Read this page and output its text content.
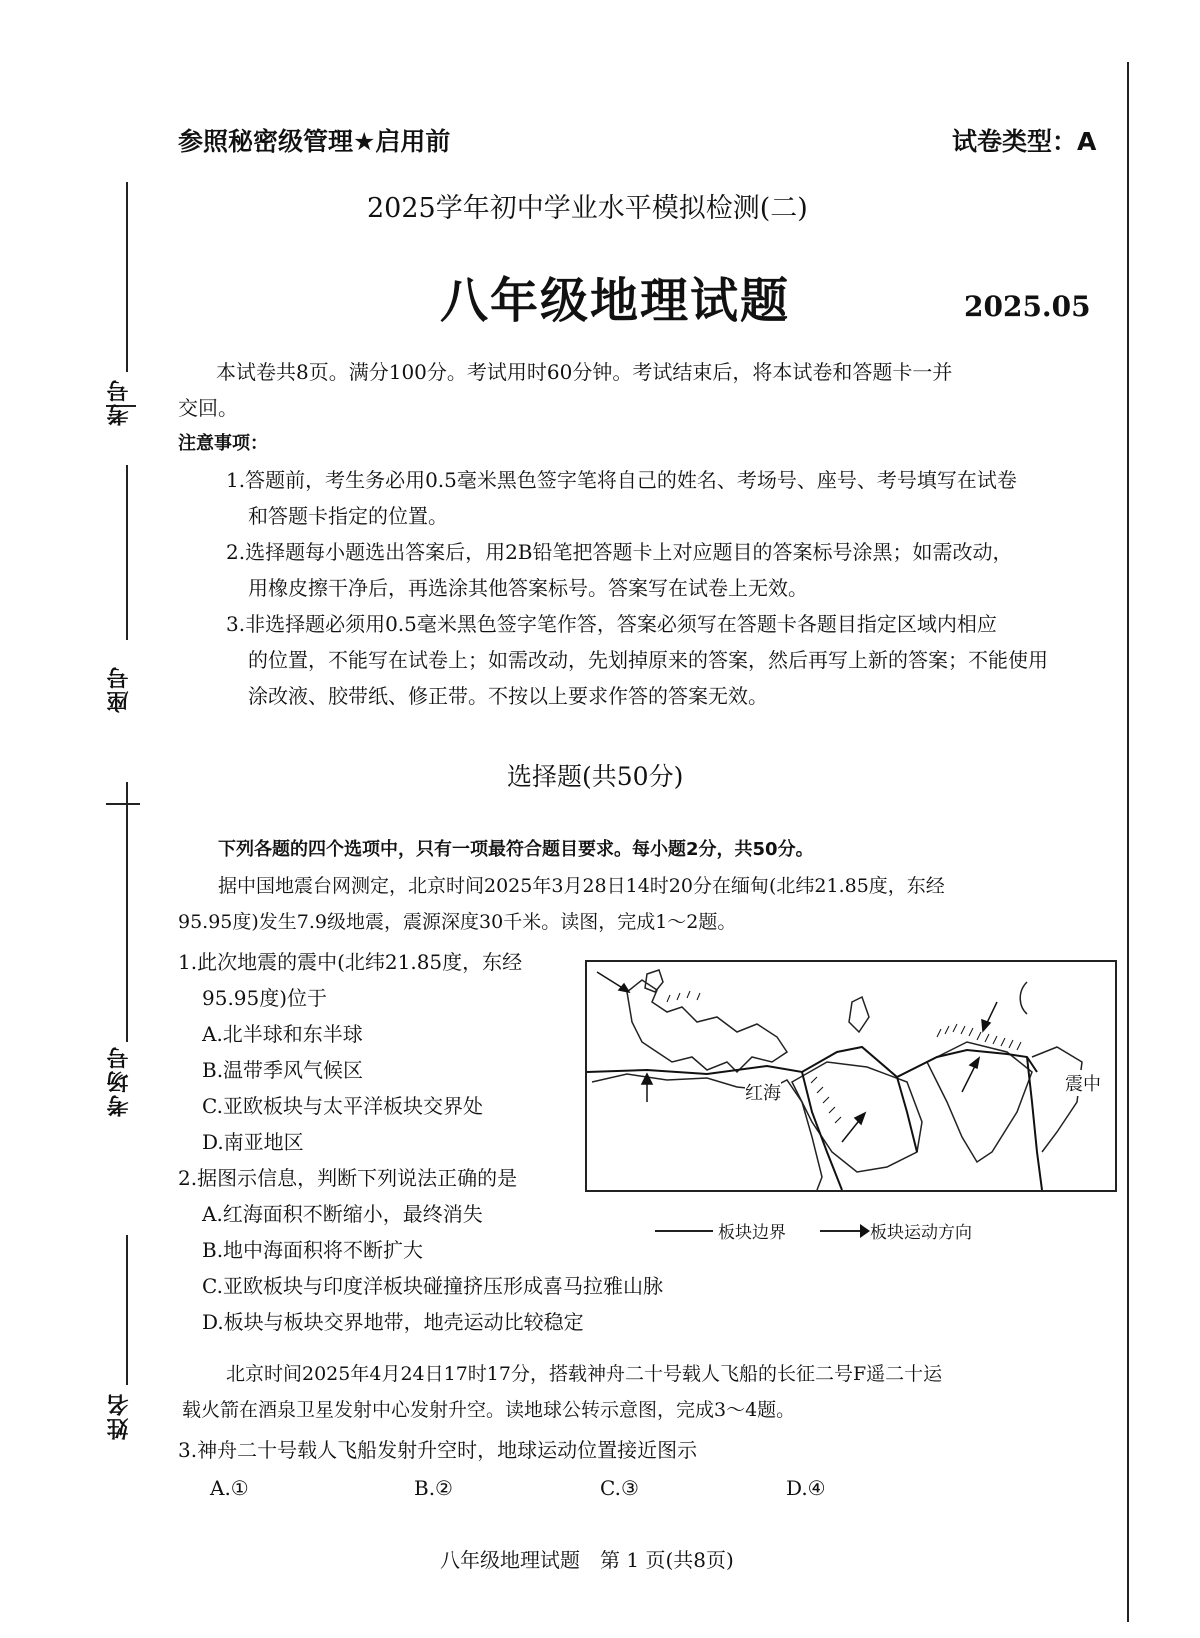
考号
座号
考场号
姓名
参照秘密级管理★启用前	试卷类型：A
2025学年初中学业水平模拟检测(二)
八年级地理试题	2025.05
本试卷共8页。满分100分。考试用时60分钟。考试结束后，将本试卷和答题卡一并
交回。
注意事项：
1.答题前，考生务必用0.5毫米黑色签字笔将自己的姓名、考场号、座号、考号填写在试卷
和答题卡指定的位置。
2.选择题每小题选出答案后，用2B铅笔把答题卡上对应题目的答案标号涂黑；如需改动，
用橡皮擦干净后，再选涂其他答案标号。答案写在试卷上无效。
3.非选择题必须用0.5毫米黑色签字笔作答，答案必须写在答题卡各题目指定区域内相应
的位置，不能写在试卷上；如需改动，先划掉原来的答案，然后再写上新的答案；不能使用
涂改液、胶带纸、修正带。不按以上要求作答的答案无效。
选择题(共50分)
下列各题的四个选项中，只有一项最符合题目要求。每小题2分，共50分。
据中国地震台网测定，北京时间2025年3月28日14时20分在缅甸(北纬21.85度，东经
95.95度)发生7.9级地震，震源深度30千米。读图，完成1～2题。
1.此次地震的震中(北纬21.85度，东经
95.95度)位于
A.北半球和东半球
B.温带季风气候区
C.亚欧板块与太平洋板块交界处
D.南亚地区
2.据图示信息，判断下列说法正确的是
A.红海面积不断缩小，最终消失
B.地中海面积将不断扩大
C.亚欧板块与印度洋板块碰撞挤压形成喜马拉雅山脉
D.板块与板块交界地带，地壳运动比较稳定
红海	震中
板块边界	板块运动方向
北京时间2025年4月24日17时17分，搭载神舟二十号载人飞船的长征二号F遥二十运
载火箭在酒泉卫星发射中心发射升空。读地球公转示意图，完成3～4题。
3.神舟二十号载人飞船发射升空时，地球运动位置接近图示
A.①	B.②	C.③	D.④
八年级地理试题　第 1 页(共8页)
